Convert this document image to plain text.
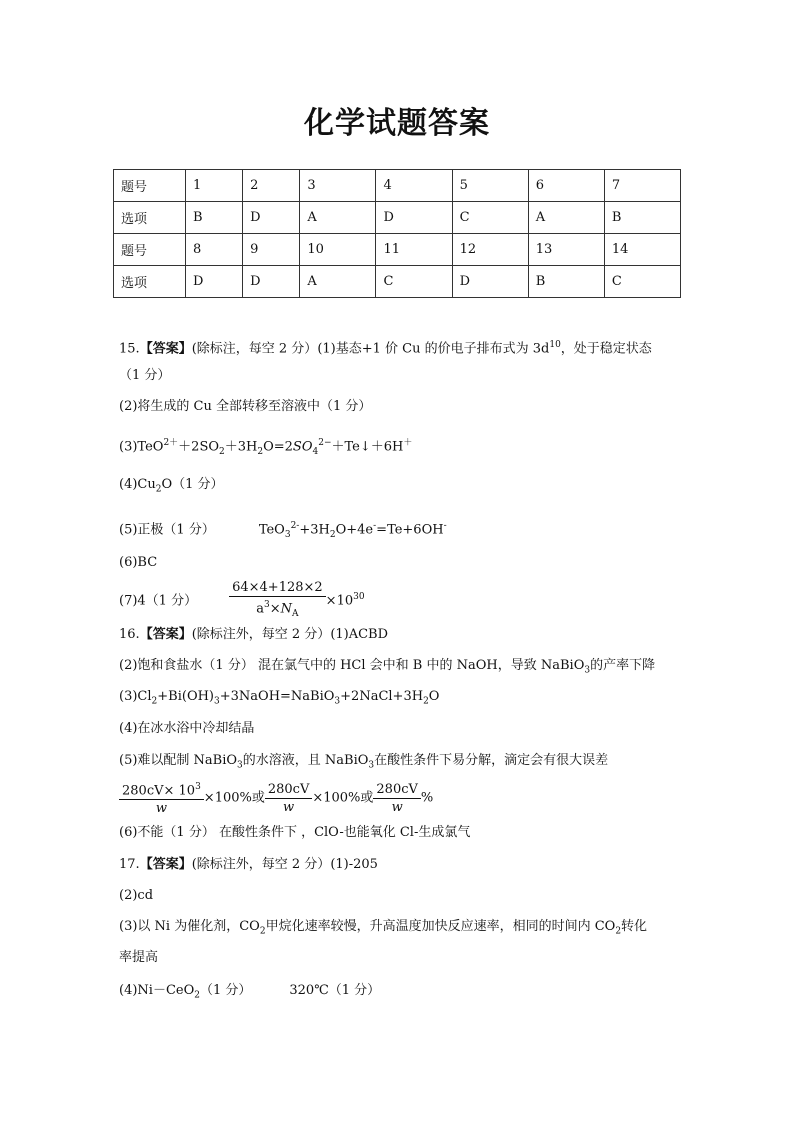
化学试题答案
题号	1	2	3	4	5	6	7
选项	B	D	A	D	C	A	B
题号	8	9	10	11	12	13	14
选项	D	D	A	C	D	B	C
15.【答案】(除标注，每空 2 分）(1)基态+1 价 Cu 的价电子排布式为 $3d^{10}$，处于稳定状态
（1 分）
(2)将生成的 Cu 全部转移至溶液中（1 分）
$(3)TeO^{2+}+2SO_2+3H_2O=2SO_4^{2-}+Te↓+6H^+$
$(4)Cu_2O(1$ 分）
(5)正极（1 分）	$TeO_3^{2-}+3H_2O+4e^-=Te+6OH^-$
(6)BC
(7)4（1 分） $\frac{64\times 4+128\times 2}{a^3\times N_A} \times 10^{30}$
16.【答案】(除标注外，每空 2 分）(1)ACBD
(2)饱和食盐水（1 分） 混在氯气中的 HCl 会中和 B 中的 NaOH，导致 NaBiO$_3$的产率下降
$(3)Cl_2+Bi(OH)_3+3NaOH=NaBiO_3+2NaCl+3H_2O$
(4)在冰水浴中冷却结晶
(5)难以配制 NaBiO$_3$的水溶液，且 NaBiO$_3$在酸性条件下易分解，滴定会有很大误差
$\frac{280cV\times 10^3}{w} \times 100\%$或 $\frac{280cV}{w} \times 100\%$或 $\frac{280cV}{w}$ %
(6)不能（1 分） 在酸性条件下 ，ClO-也能氧化 Cl-生成氯气
17.【答案】(除标注外，每空 2 分）(1)-205
(2)cd
(3)以 Ni 为催化剂，$CO_2$甲烷化速率较慢，升高温度加快反应速率，相同的时间内 $CO_2$转化
率提高
(4)Ni－CeO$_2$（1 分）	320℃（1 分）
